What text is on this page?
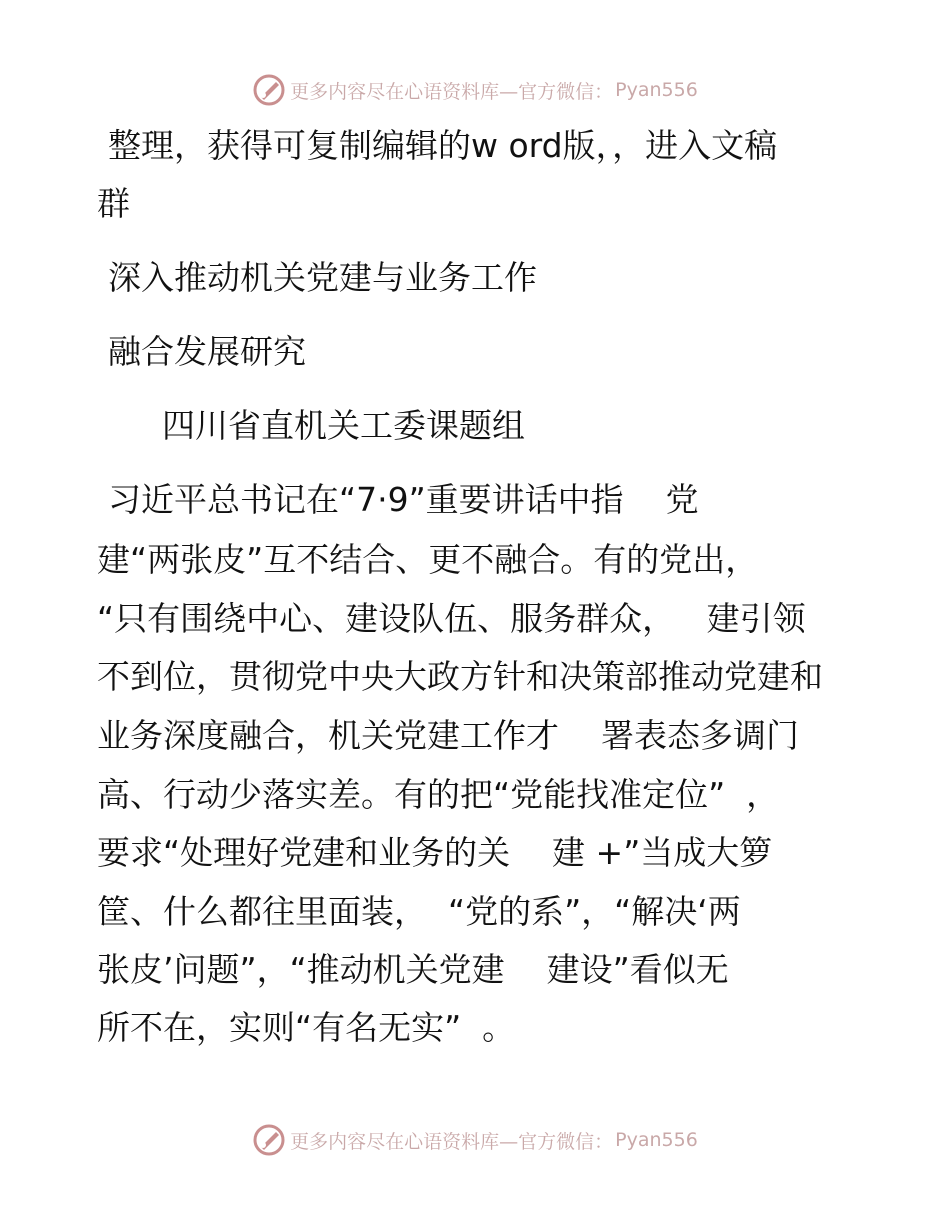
更多内容尽在心语资料库—官方微信： Pyan556
整理，获得可复制编辑的w ord版，，进入文稿
群
深入推动机关党建与业务工作
融合发展研究
四川省直机关工委课题组
习近平总书记在“7·9”重要讲话中指    党
建“两张皮”互不结合、更不融合。有的党出，
“只有围绕中心、建设队伍、服务群众，   建引领
不到位，贯彻党中央大政方针和决策部推动党建和
业务深度融合，机关党建工作才    署表态多调门
高、行动少落实差。有的把“党能找准定位”  ，
要求“处理好党建和业务的关    建 +”当成大箩
筐、什么都往里面装，  “党的系”，“解决‘两
张皮’问题”，“推动机关党建    建设”看似无
所不在，实则“有名无实”  。
更多内容尽在心语资料库—官方微信： Pyan556
